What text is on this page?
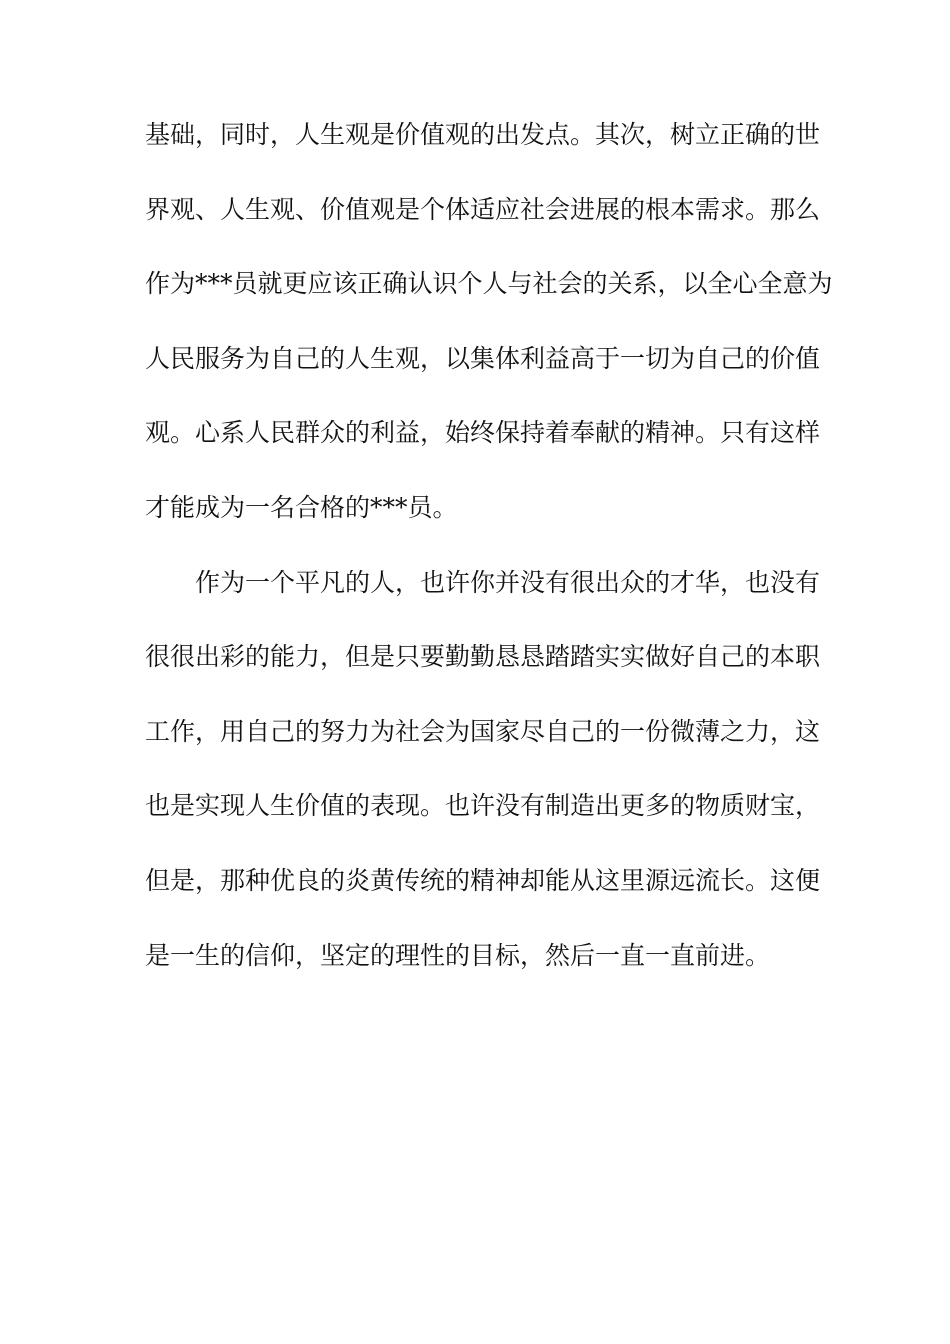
基础，同时，人生观是价值观的出发点。其次，树立正确的世
界观、人生观、价值观是个体适应社会进展的根本需求。那么
作为***员就更应该正确认识个人与社会的关系，以全心全意为
人民服务为自己的人生观，以集体利益高于一切为自己的价值
观。心系人民群众的利益，始终保持着奉献的精神。只有这样
才能成为一名合格的***员。
作为一个平凡的人，也许你并没有很出众的才华，也没有
很很出彩的能力，但是只要勤勤恳恳踏踏实实做好自己的本职
工作，用自己的努力为社会为国家尽自己的一份微薄之力，这
也是实现人生价值的表现。也许没有制造出更多的物质财宝，
但是，那种优良的炎黄传统的精神却能从这里源远流长。这便
是一生的信仰，坚定的理性的目标，然后一直一直前进。
